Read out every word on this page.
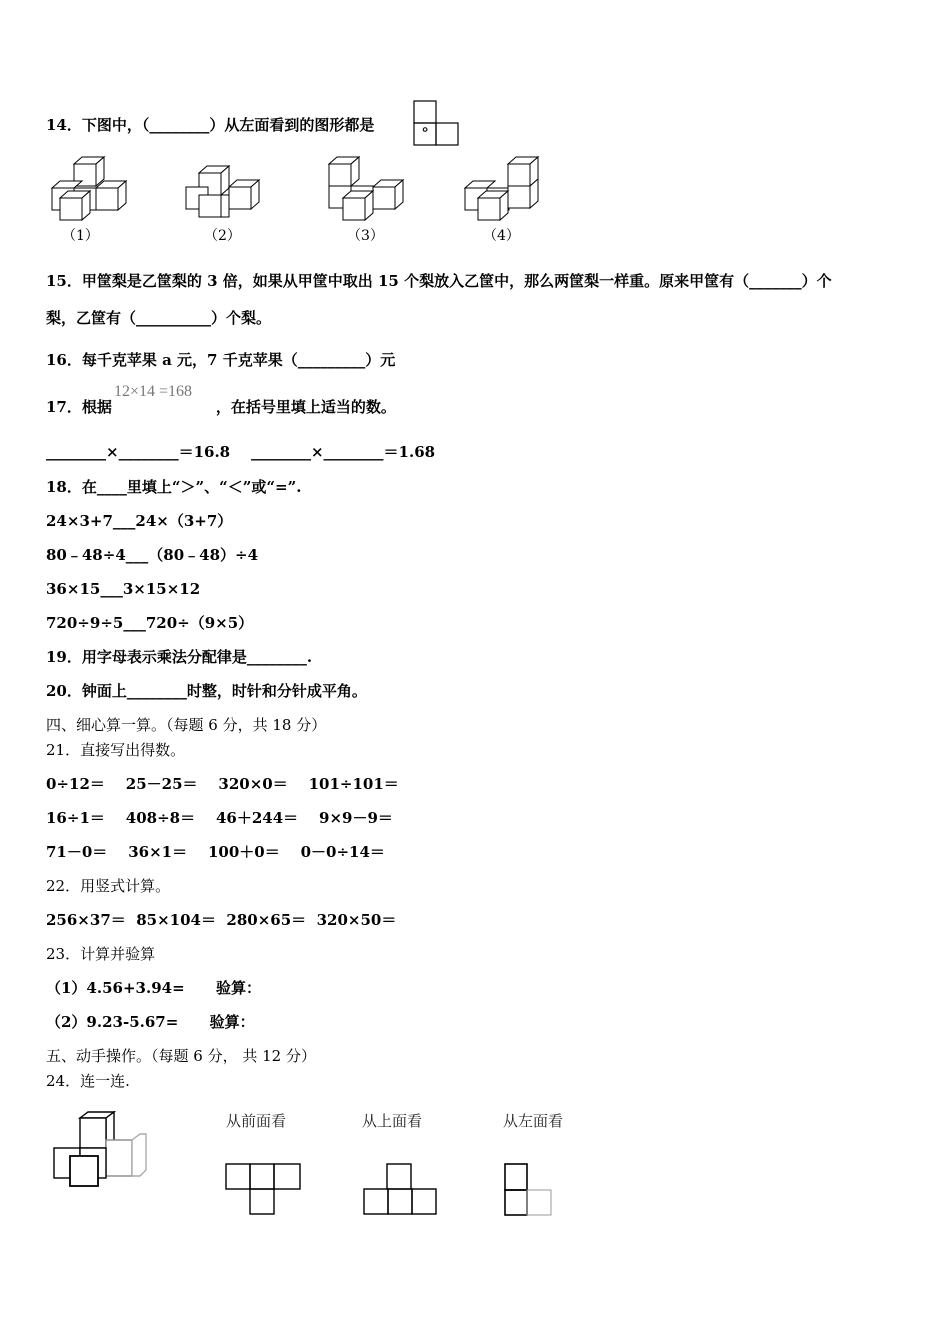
14．下图中，（________）从左面看到的图形都是	。
（1）	（2）	（3）	（4）
15．甲筐梨是乙筐梨的 3 倍，如果从甲筐中取出 15 个梨放入乙筐中，那么两筐梨一样重。原来甲筐有（_______）个
梨，乙筐有（__________）个梨。
16．每千克苹果 a 元，7 千克苹果（_________）元
17．根据	，在括号里填上适当的数。
12×14 =168
________×________＝16.8    ________×________＝1.68
18．在____里填上“＞”、“＜”或“=”.
24×3+7___24×（3+7）
80﹣48÷4___（80﹣48）÷4
36×15___3×15×12
720÷9÷5___720÷（9×5）
19．用字母表示乘法分配律是________.
20．钟面上________时整，时针和分针成平角。
四、细心算一算。（每题 6 分，共 18 分）
21．直接写出得数。
0÷12＝    25－25＝    320×0＝    101÷101＝
16÷1＝    408÷8＝    46＋244＝    9×9－9＝
71－0＝    36×1＝    100＋0＝    0－0÷14＝
22．用竖式计算。
256×37＝  85×104＝  280×65＝  320×50＝
23．计算并验算
（1）4.56+3.94=      验算：
（2）9.23-5.67=      验算：
五、动手操作。（每题 6 分， 共 12 分）
24．连一连.
从前面看	从上面看	从左面看
